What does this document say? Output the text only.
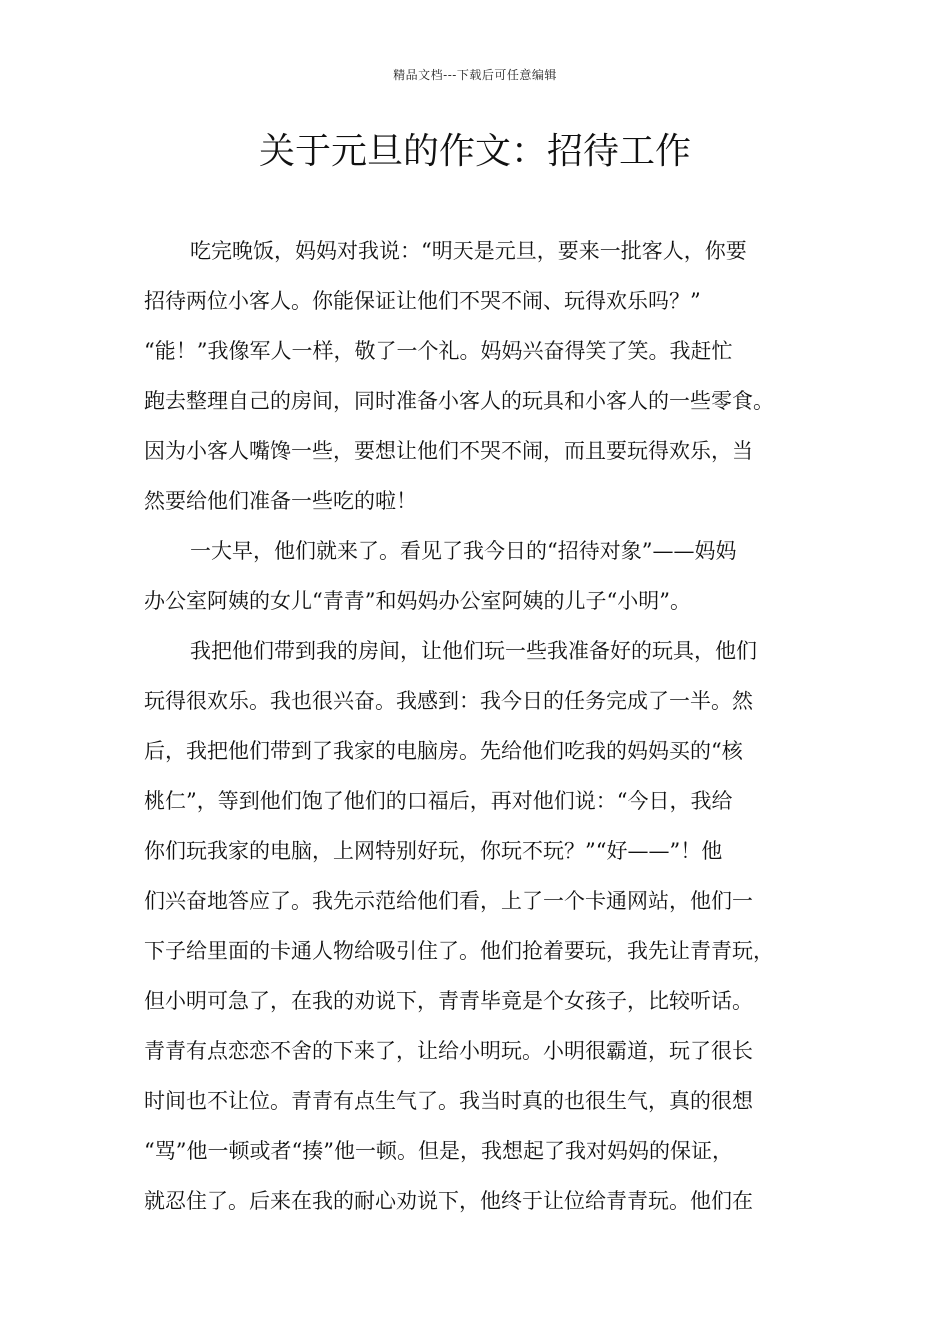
精品文档---下载后可任意编辑
关于元旦的作文：招待工作
吃完晚饭，妈妈对我说：“明天是元旦，要来一批客人，你要
招待两位小客人。你能保证让他们不哭不闹、玩得欢乐吗？”
“能！”我像军人一样，敬了一个礼。妈妈兴奋得笑了笑。我赶忙
跑去整理自己的房间，同时准备小客人的玩具和小客人的一些零食。
因为小客人嘴馋一些，要想让他们不哭不闹，而且要玩得欢乐，当
然要给他们准备一些吃的啦！
一大早，他们就来了。看见了我今日的“招待对象”——妈妈
办公室阿姨的女儿“青青”和妈妈办公室阿姨的儿子“小明”。
我把他们带到我的房间，让他们玩一些我准备好的玩具，他们
玩得很欢乐。我也很兴奋。我感到：我今日的任务完成了一半。然
后，我把他们带到了我家的电脑房。先给他们吃我的妈妈买的“核
桃仁”，等到他们饱了他们的口福后，再对他们说：“今日，我给
你们玩我家的电脑，上网特别好玩，你玩不玩？”“好——”！他
们兴奋地答应了。我先示范给他们看，上了一个卡通网站，他们一
下子给里面的卡通人物给吸引住了。他们抢着要玩，我先让青青玩，
但小明可急了，在我的劝说下，青青毕竟是个女孩子，比较听话。
青青有点恋恋不舍的下来了，让给小明玩。小明很霸道，玩了很长
时间也不让位。青青有点生气了。我当时真的也很生气，真的很想
“骂”他一顿或者“揍”他一顿。但是，我想起了我对妈妈的保证，
就忍住了。后来在我的耐心劝说下，他终于让位给青青玩。他们在
